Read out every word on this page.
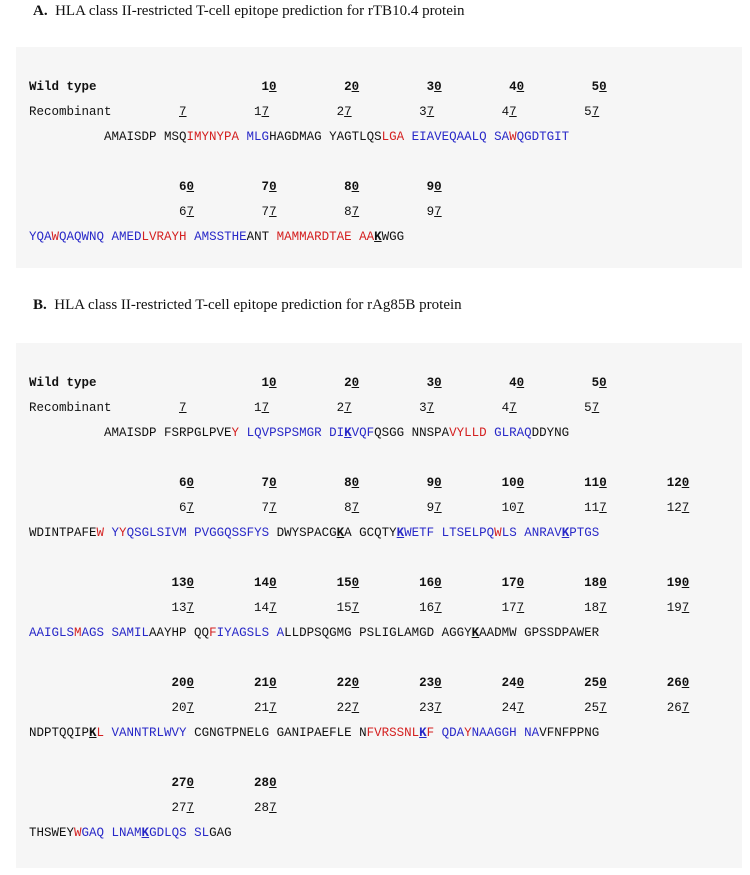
A. HLA class II-restricted T-cell epitope prediction for rTB10.4 protein
Wild type                      10         20         30         40         50
Recombinant	7         17         27         37         47         57
AMAISDP MSQIMYNYPA MLGHAGDMAG YAGTLQSLGA EIAVEQAALQ SAWQGDTGIT
60         70         80         90
67         77         87         97
YQAWQAQWNQ AMEDLVRAYH AMSSTHEANT MAMMARDTAE AAKWGG
B. HLA class II-restricted T-cell epitope prediction for rAg85B protein
Wild type                      10         20         30         40         50
Recombinant	7         17         27         37         47         57
AMAISDP FSRPGLPVEY LQVPSPSMGR DIKVQFQSGG NNSPAVYLLD GLRAQDDYNG
60         70         80         90        100        110        120
67         77         87         97        107        117        127
WDINTPAFEW YYQSGLSIVM PVGGQSSFYS DWYSPACGKA GCQTYKWETF LTSELPQWLS ANRAVKPTGS
130        140        150        160        170        180        190
137        147        157        167        177        187        197
AAIGLSMAGS SAMILAAYHP QQFIYAGSLS ALLDPSQGMG PSLIGLAMGD AGGYKAADMW GPSSDPAWER
200        210        220        230        240        250        260
207        217        227        237        247        257        267
NDPTQQIPKL VANNTRLWVY CGNGTPNELG GANIPAEFLE NFVRSSNLKF QDAYNAAGGH NAVFNFPPNG
270        280
277        287
THSWEYWGAQ LNAMKGDLQS SLGAG
